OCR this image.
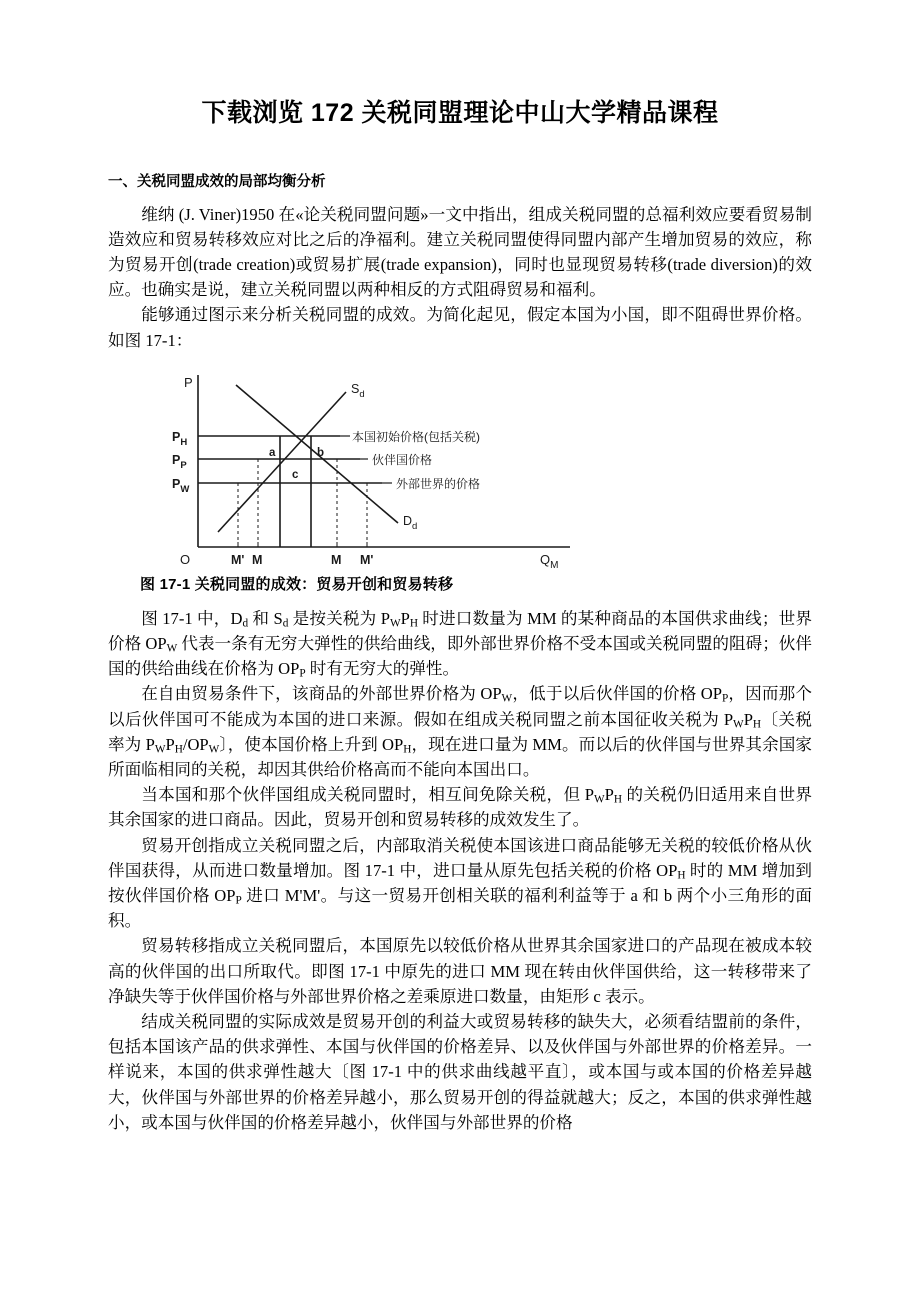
下载浏览 172 关税同盟理论中山大学精品课程
一、关税同盟成效的局部均衡分析

维纳 (J. Viner)1950 在«论关税同盟问题»一文中指出，组成关税同盟的总福利效应要看贸易制造效应和贸易转移效应对比之后的净福利。建立关税同盟使得同盟内部产生增加贸易的效应，称为贸易开创(trade creation)或贸易扩展(trade expansion)，同时也显现贸易转移(trade diversion)的效应。也确实是说，建立关税同盟以两种相反的方式阻碍贸易和福利。

能够通过图示来分析关税同盟的成效。为简化起见，假定本国为小国，即不阻碍世界价格。如图 17-1：

P
O	$Q_M$
$P_H$
$P_P$
$P_W$
$S_d$
$D_d$
a	b
c
本国初始价格(包括关税)
伙伴国价格
外部世界的价格
M' M	M M'

图 17-1 关税同盟的成效：贸易开创和贸易转移

图 17-1 中，$D_d$ 和 $S_d$ 是按关税为 $P_WP_H$ 时进口数量为 MM 的某种商品的本国供求曲线；世界价格 $OP_W$ 代表一条有无穷大弹性的供给曲线，即外部世界价格不受本国或关税同盟的阻碍；伙伴国的供给曲线在价格为 $OP_P$ 时有无穷大的弹性。

在自由贸易条件下，该商品的外部世界价格为 $OP_W$，低于以后伙伴国的价格 $OP_P$，因而那个以后伙伴国可不能成为本国的进口来源。假如在组成关税同盟之前本国征收关税为 $P_WP_H$〔关税率为 $P_WP_H/OP_W$〕，使本国价格上升到 $OP_H$，现在进口量为 MM。而以后的伙伴国与世界其余国家所面临相同的关税，却因其供给价格高而不能向本国出口。

当本国和那个伙伴国组成关税同盟时，相互间免除关税，但 $P_WP_H$ 的关税仍旧适用来自世界其余国家的进口商品。因此，贸易开创和贸易转移的成效发生了。

贸易开创指成立关税同盟之后，内部取消关税使本国该进口商品能够无关税的较低价格从伙伴国获得，从而进口数量增加。图 17-1 中，进口量从原先包括关税的价格 $OP_H$ 时的 MM 增加到按伙伴国价格 $OP_P$ 进口 M'M'。与这一贸易开创相关联的福利利益等于 a 和 b 两个小三角形的面积。

贸易转移指成立关税同盟后，本国原先以较低价格从世界其余国家进口的产品现在被成本较高的伙伴国的出口所取代。即图 17-1 中原先的进口 MM 现在转由伙伴国供给，这一转移带来了净缺失等于伙伴国价格与外部世界价格之差乘原进口数量，由矩形 c 表示。

结成关税同盟的实际成效是贸易开创的利益大或贸易转移的缺失大，必须看结盟前的条件，包括本国该产品的供求弹性、本国与伙伴国的价格差异、以及伙伴国与外部世界的价格差异。一样说来，本国的供求弹性越大〔图 17-1 中的供求曲线越平直〕，或本国与或本国的价格差异越大，伙伴国与外部世界的价格差异越小，那么贸易开创的得益就越大；反之，本国的供求弹性越小，或本国与伙伴国的价格差异越小，伙伴国与外部世界的价格
